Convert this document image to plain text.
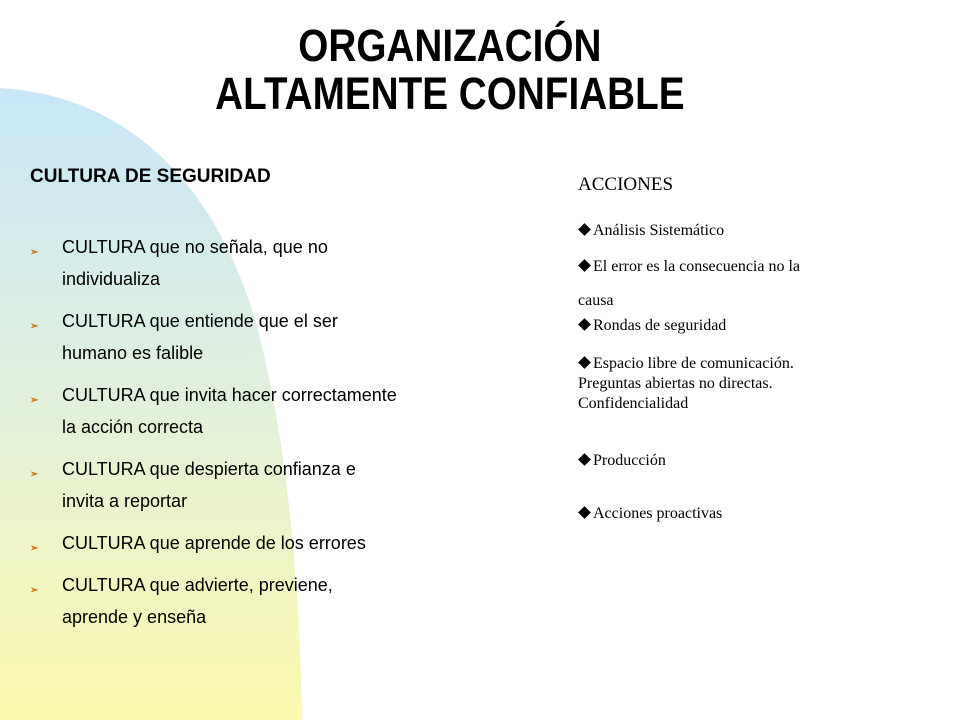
ORGANIZACIÓN
ALTAMENTE CONFIABLE
CULTURA DE SEGURIDAD
➢ CULTURA que no señala, que no
individualiza
➢ CULTURA que entiende que el ser
humano es falible
➢ CULTURA que invita hacer correctamente
la acción correcta
➢ CULTURA que despierta confianza e
invita a reportar
➢ CULTURA que aprende de los errores
➢ CULTURA que advierte, previene,
aprende y enseña
ACCIONES
Análisis Sistemático
El error es la consecuencia no la
causa
Rondas de seguridad
Espacio libre de comunicación.
Preguntas abiertas no directas.
Confidencialidad
Producción
Acciones proactivas
